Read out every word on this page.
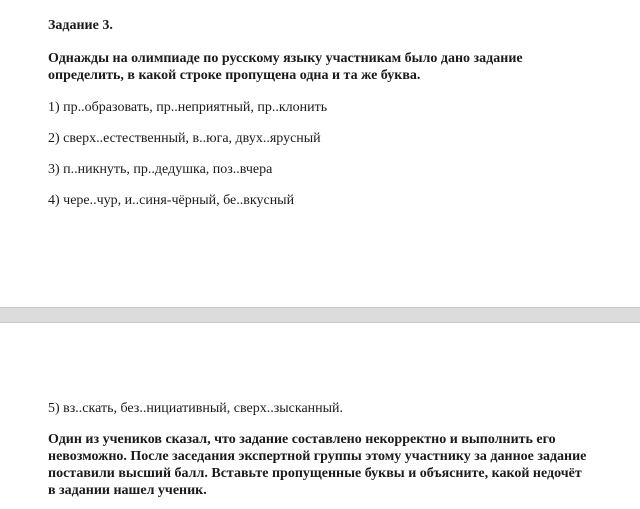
Задание 3.
Однажды на олимпиаде по русскому языку участникам было дано задание
определить, в какой строке пропущена одна и та же буква.
1) пр..образовать, пр..неприятный, пр..клонить
2) сверх..естественный, в..юга, двух..ярусный
3) п..никнуть, пр..дедушка, поз..вчера
4) чере..чур, и..синя-чёрный, бе..вкусный
5) вз..скать, без..нициативный, сверх..зысканный.
Один из учеников сказал, что задание составлено некорректно и выполнить его
невозможно. После заседания экспертной группы этому участнику за данное задание
поставили высший балл. Вставьте пропущенные буквы и объясните, какой недочёт
в задании нашел ученик.
